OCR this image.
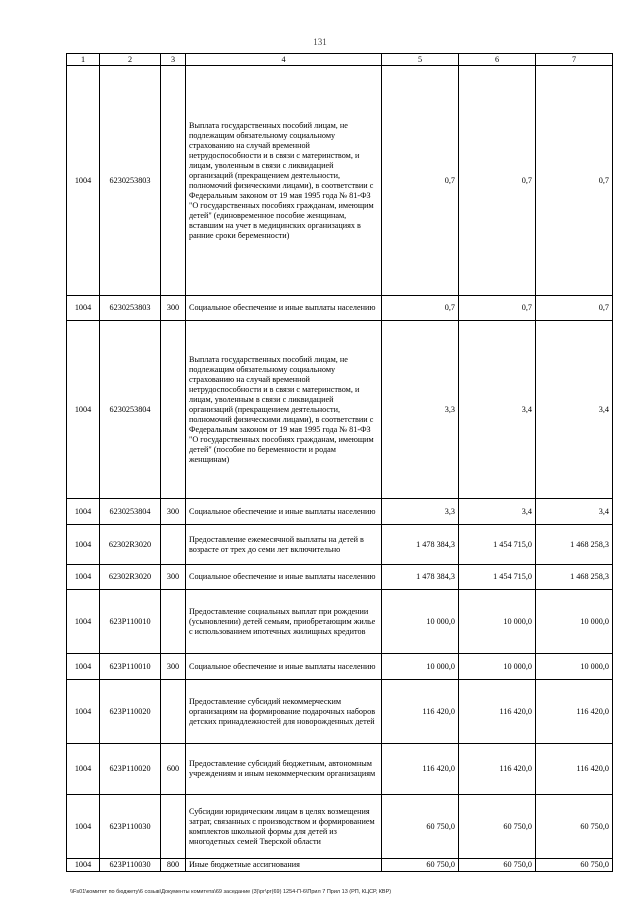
131
1	2	3	4	5	6	7
1004	6230253803		Выплата государственных пособий лицам, не подлежащим обязательному социальному страхованию на случай временной нетрудоспособности и в связи с материнством, и лицам, уволенным в связи с ликвидацией организаций (прекращением деятельности, полномочий физическими лицами), в соответствии с Федеральным законом от 19 мая 1995 года № 81-ФЗ "О государственных пособиях гражданам, имеющим детей" (единовременное пособие женщинам, вставшим на учет в медицинских организациях в ранние сроки беременности)	0,7	0,7	0,7
1004	6230253803	300	Социальное обеспечение и иные выплаты населению	0,7	0,7	0,7
1004	6230253804		Выплата государственных пособий лицам, не подлежащим обязательному социальному страхованию на случай временной нетрудоспособности и в связи с материнством, и лицам, уволенным в связи с ликвидацией организаций (прекращением деятельности, полномочий физическими лицами), в соответствии с Федеральным законом от 19 мая 1995 года № 81-ФЗ "О государственных пособиях гражданам, имеющим детей" (пособие по беременности и родам женщинам)	3,3	3,4	3,4
1004	6230253804	300	Социальное обеспечение и иные выплаты населению	3,3	3,4	3,4
1004	62302R3020		Предоставление ежемесячной выплаты на детей в возрасте от трех до семи лет включительно	1 478 384,3	1 454 715,0	1 468 258,3
1004	62302R3020	300	Социальное обеспечение и иные выплаты населению	1 478 384,3	1 454 715,0	1 468 258,3
1004	623P110010		Предоставление социальных выплат при рождении (усыновлении) детей семьям, приобретающим жилье с использованием ипотечных жилищных кредитов	10 000,0	10 000,0	10 000,0
1004	623P110010	300	Социальное обеспечение и иные выплаты населению	10 000,0	10 000,0	10 000,0
1004	623P110020		Предоставление субсидий некоммерческим организациям на формирование подарочных наборов детских принадлежностей для новорожденных детей	116 420,0	116 420,0	116 420,0
1004	623P110020	600	Предоставление субсидий бюджетным, автономным учреждениям и иным некоммерческим организациям	116 420,0	116 420,0	116 420,0
1004	623P110030		Субсидии юридическим лицам в целях возмещения затрат, связанных с производством и формированием комплектов школьной формы для детей из многодетных семей Тверской области	60 750,0	60 750,0	60 750,0
1004	623P110030	800	Иные бюджетные ассигнования	60 750,0	60 750,0	60 750,0
\\Fs01\комитет по бюджету\6 созыв\Документы комитета\69 заседание (3)\рг\рг(69) 1254-П-6\Прил 7 Прил 13 (РП, КЦСР, КВР)
